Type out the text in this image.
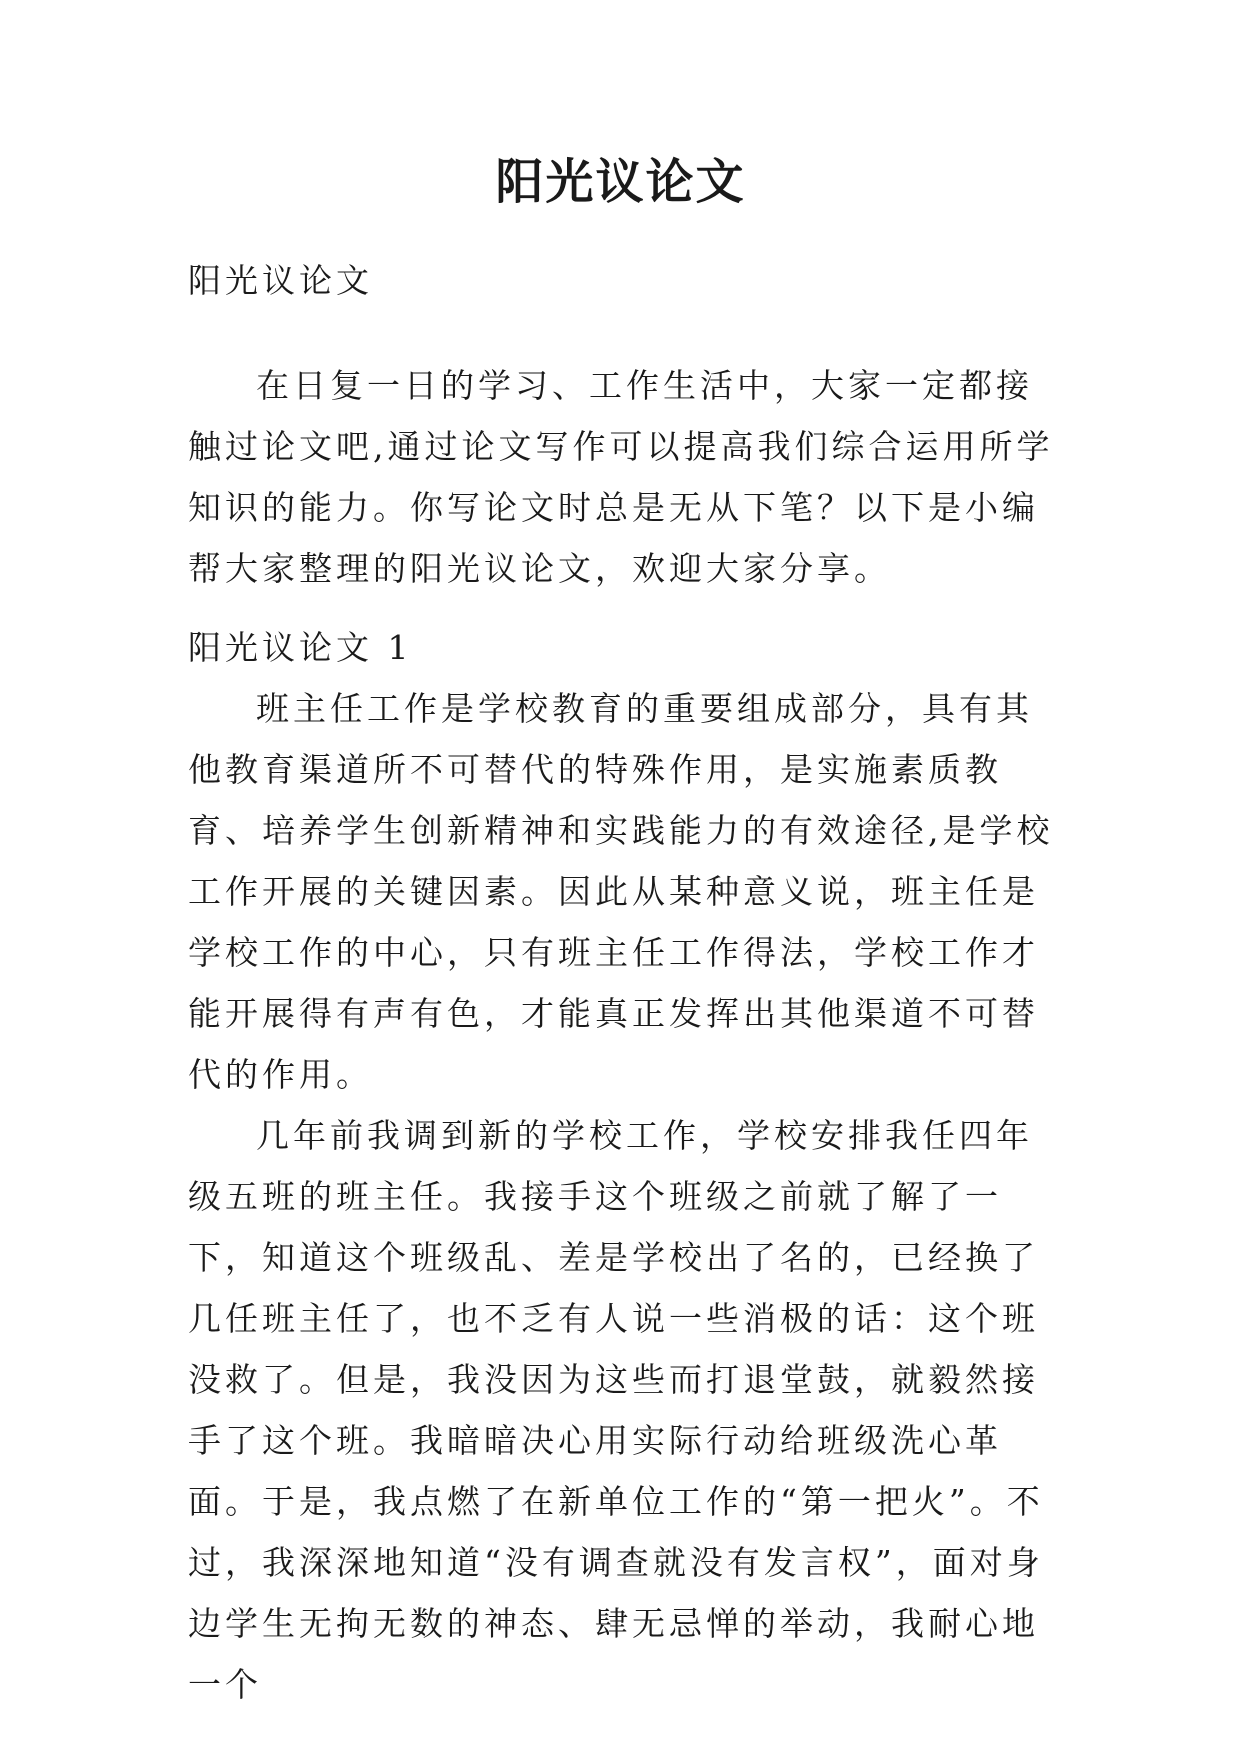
阳光议论文

阳光议论文

在日复一日的学习、工作生活中，大家一定都接触过论文吧,通过论文写作可以提高我们综合运用所学知识的能力。你写论文时总是无从下笔？以下是小编帮大家整理的阳光议论文，欢迎大家分享。

阳光议论文 1

班主任工作是学校教育的重要组成部分，具有其他教育渠道所不可替代的特殊作用，是实施素质教育、培养学生创新精神和实践能力的有效途径,是学校工作开展的关键因素。因此从某种意义说，班主任是学校工作的中心，只有班主任工作得法，学校工作才能开展得有声有色，才能真正发挥出其他渠道不可替代的作用。

几年前我调到新的学校工作，学校安排我任四年级五班的班主任。我接手这个班级之前就了解了一下，知道这个班级乱、差是学校出了名的，已经换了几任班主任了，也不乏有人说一些消极的话：这个班没救了。但是，我没因为这些而打退堂鼓，就毅然接手了这个班。我暗暗决心用实际行动给班级洗心革面。于是，我点燃了在新单位工作的“第一把火”。不过，我深深地知道“没有调查就没有发言权”，面对身边学生无拘无数的神态、肆无忌惮的举动，我耐心地一个
